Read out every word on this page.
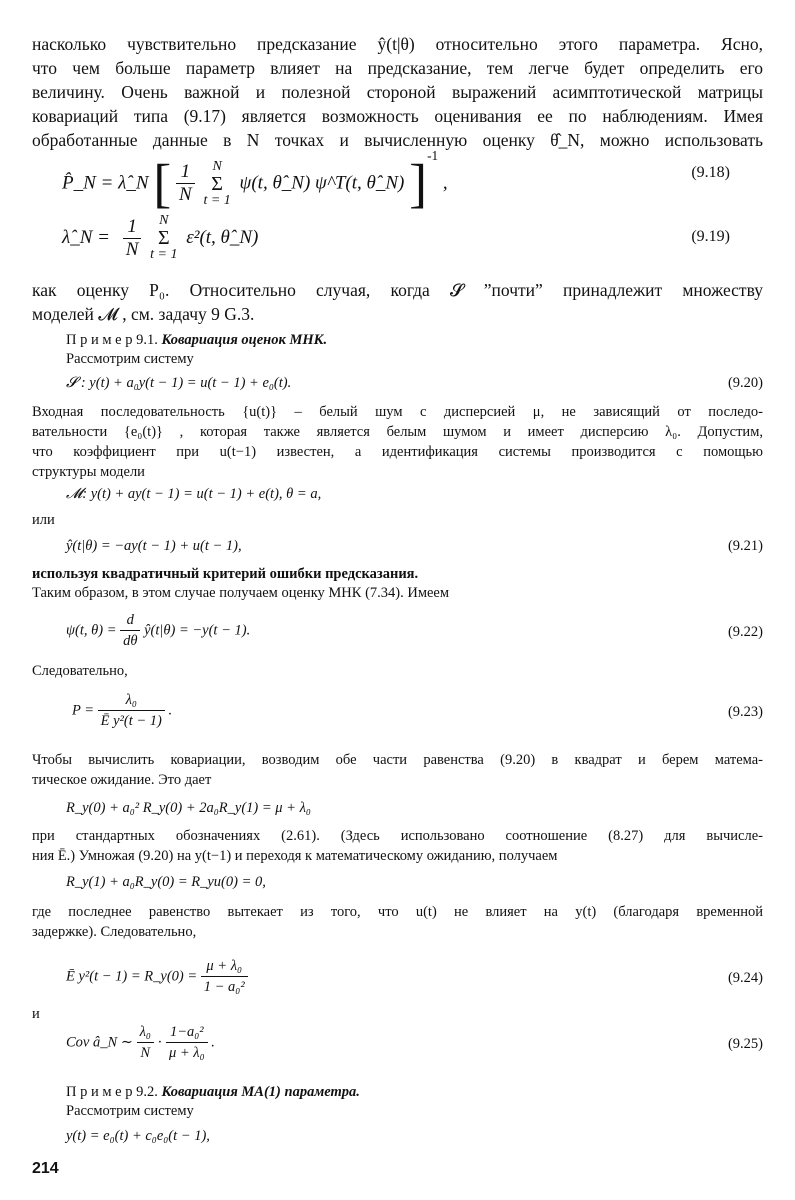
насколько чувствительно предсказание ŷ(t|θ) относительно этого параметра. Ясно,
что чем больше параметр влияет на предсказание, тем легче будет определить его
величину. Очень важной и полезной стороной выражений асимптотической матрицы
ковариаций типа (9.17) является возможность оценивания ее по наблюдениям. Имея
обработанные данные в N точках и вычисленную оценку θ̂_N, можно использовать
P̂_N = λ̂_N [ $\frac{1}{N}$ N
Σ
t = 1 ψ(t, θ̂_N) ψ^T(t, θ̂_N) ]$^{-1}$ ,
(9.18)
λ̂_N = $\frac{1}{N}$ N
Σ
t = 1 ε²(t, θ̂_N)	(9.19)
как оценку P₀. Относительно случая, когда 𝓢 ”почти” принадлежит множеству
моделей 𝓜 , см. задачу 9 G.3.
П р и м е р 9.1. Ковариация оценок МНК.
Рассмотрим систему
𝓢 : y(t) + a₀y(t − 1) = u(t − 1) + e₀(t).	(9.20)
Входная последовательность {u(t)} – белый шум с дисперсией μ, не зависящий от последо-
вательности {e₀(t)} , которая также является белым шумом и имеет дисперсию λ₀. Допустим,
что коэффициент при u(t−1) известен, а идентификация системы производится с помощью
структуры модели
𝓜: y(t) + ay(t − 1) = u(t − 1) + e(t), θ = a,
или
ŷ(t|θ) = −ay(t − 1) + u(t − 1),	(9.21)
используя квадратичный критерий ошибки предсказания.
Таким образом, в этом случае получаем оценку МНК (7.34). Имеем
ψ(t, $\theta) = \frac{d}{d\theta}$ ŷ(t|θ) = −y(t − 1).	(9.22)
Следовательно,
$P = \frac{\text{λ₀}}{\text{Ē y²(t − 1)}}$ .	(9.23)
Чтобы вычислить ковариации, возводим обе части равенства (9.20) в квадрат и берем матема-
тическое ожидание. Это дает
R_y(0) + a₀² R_y(0) + 2a₀R_y(1) = μ + λ₀
при стандартных обозначениях (2.61). (Здесь использовано соотношение (8.27) для вычисле-
ния Ē.) Умножая (9.20) на y(t−1) и переходя к математическому ожиданию, получаем
R_y(1) + a₀R_y(0) = R_yu(0) = 0,
где последнее равенство вытекает из того, что u(t) не влияет на y(t) (благодаря временной
задержке). Следовательно,
Ē y²(t − 1) = R_y(0) = $\frac{\text{μ + λ₀}}{\text{1 − a₀²}}$	(9.24)
и
Cov â_N ∼ $\frac{\text{λ₀}}{N} \cdot \frac{\text{1−a₀²}}{\text{μ + λ₀}}$ .	(9.25)
П р и м е р 9.2. Ковариация МА(1) параметра.
Рассмотрим систему
y(t) = e₀(t) + c₀e₀(t − 1),
214
